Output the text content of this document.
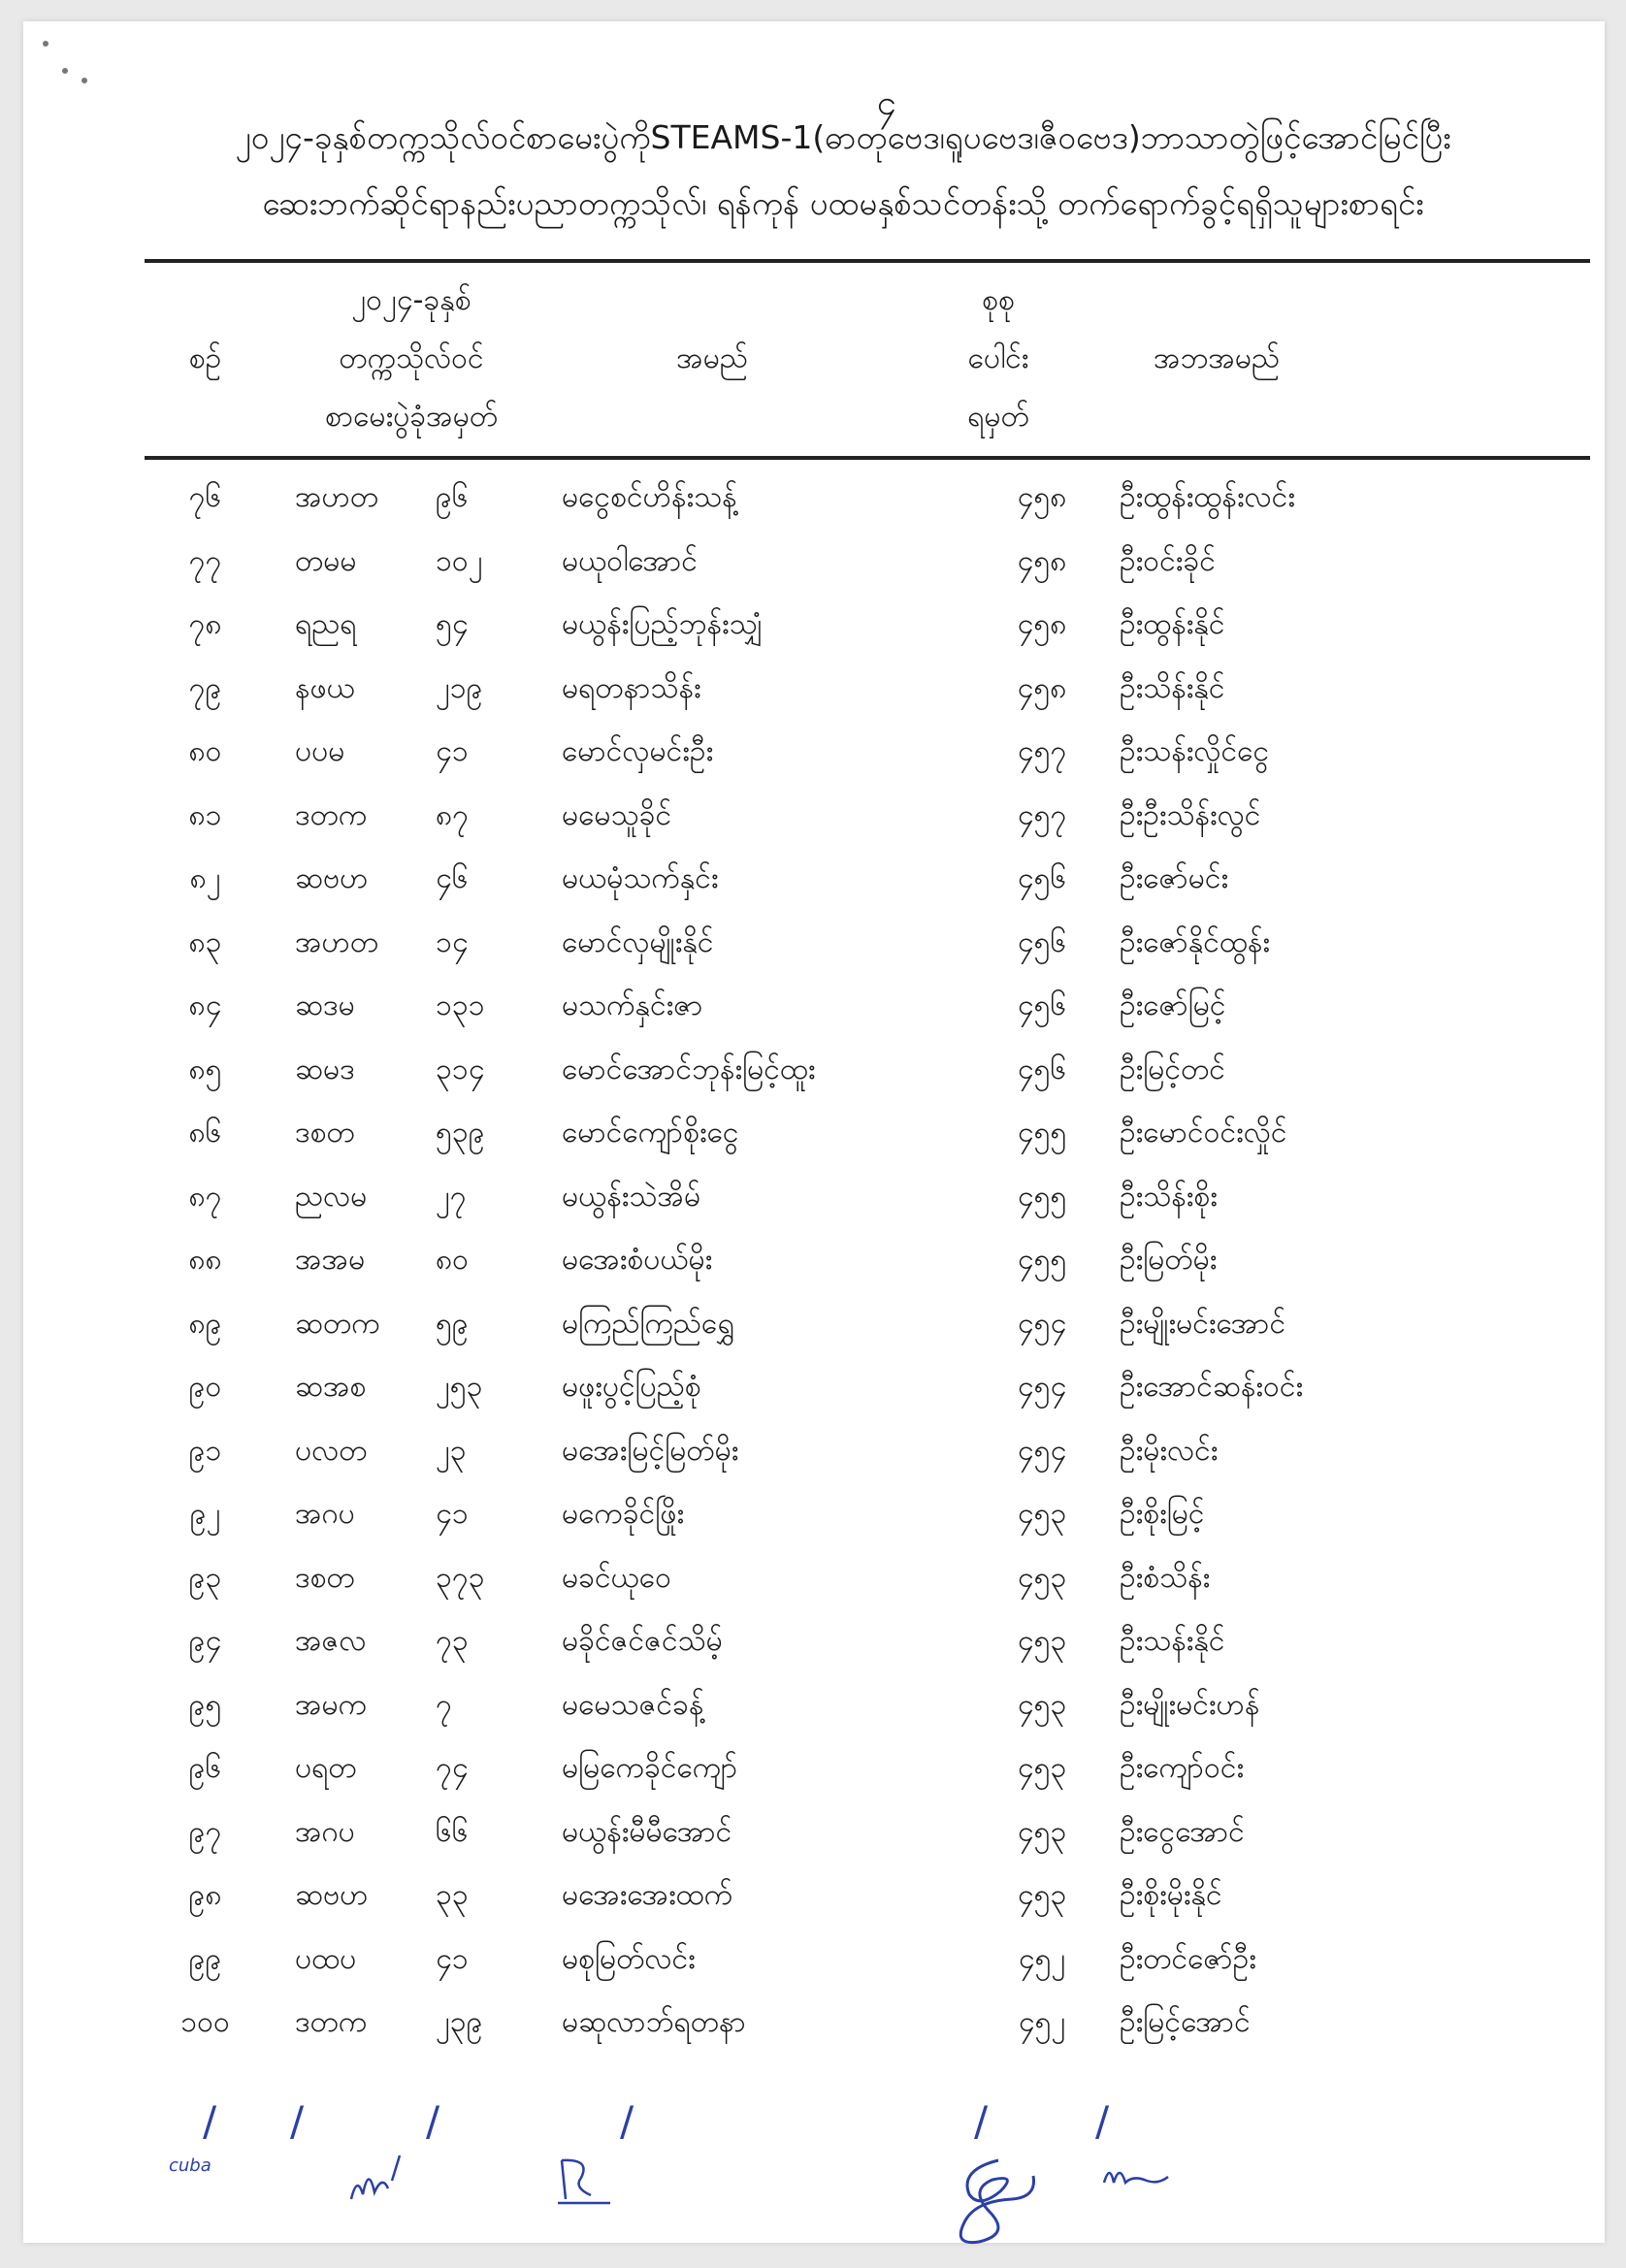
၄
၂၀၂၄-ခုနှစ်တက္ကသိုလ်ဝင်စာမေးပွဲကိုSTEAMS-1(ဓာတုဗေဒ၊ရူပဗေဒ၊ဇီဝဗေဒ)ဘာသာတွဲဖြင့်အောင်မြင်ပြီး
ဆေးဘက်ဆိုင်ရာနည်းပညာတက္ကသိုလ်၊ ရန်ကုန် ပထမနှစ်သင်တန်းသို့ တက်ရောက်ခွင့်ရရှိသူများစာရင်း
စဉ်
၂၀၂၄-ခုနှစ်
တက္ကသိုလ်ဝင်
စာမေးပွဲခုံအမှတ်
အမည်
စုစု
ပေါင်း
ရမှတ်
အဘအမည်
၇၆	အဟတ	၉၆	မငွေစင်ဟိန်းသန့်	၄၅၈	ဦးထွန်းထွန်းလင်း
၇၇	တမမ	၁၀၂	မယုဝါအောင်	၄၅၈	ဦးဝင်းခိုင်
၇၈	ရညရ	၅၄	မယွန်းပြည့်ဘုန်းသျှံ	၄၅၈	ဦးထွန်းနိုင်
၇၉	နဖယ	၂၁၉	မရတနာသိန်း	၄၅၈	ဦးသိန်းနိုင်
၈၀	ပပမ	၄၁	မောင်လှမင်းဦး	၄၅၇	ဦးသန်းလှိုင်ငွေ
၈၁	ဒတက	၈၇	မမေသူခိုင်	၄၅၇	ဦးဦးသိန်းလွင်
၈၂	ဆဗဟ	၄၆	မယမုံသက်နှင်း	၄၅၆	ဦးဇော်မင်း
၈၃	အဟတ	၁၄	မောင်လှမျိုးနိုင်	၄၅၆	ဦးဇော်နိုင်ထွန်း
၈၄	ဆဒမ	၁၃၁	မသက်နှင်းဇာ	၄၅၆	ဦးဇော်မြင့်
၈၅	ဆမဒ	၃၁၄	မောင်အောင်ဘုန်းမြင့်ထူး	၄၅၆	ဦးမြင့်တင်
၈၆	ဒစတ	၅၃၉	မောင်ကျော်စိုးငွေ	၄၅၅	ဦးမောင်ဝင်းလှိုင်
၈၇	ညလမ	၂၇	မယွန်းသဲအိမ်	၄၅၅	ဦးသိန်းစိုး
၈၈	အအမ	၈၀	မအေးစံပယ်မိုး	၄၅၅	ဦးမြတ်မိုး
၈၉	ဆတက	၅၉	မကြည်ကြည်ရွှေ	၄၅၄	ဦးမျိုးမင်းအောင်
၉၀	ဆအစ	၂၅၃	မဖူးပွင့်ပြည့်စုံ	၄၅၄	ဦးအောင်ဆန်းဝင်း
၉၁	ပလတ	၂၃	မအေးမြင့်မြတ်မိုး	၄၅၄	ဦးမိုးလင်း
၉၂	အဂပ	၄၁	မကေခိုင်ဖြိုး	၄၅၃	ဦးစိုးမြင့်
၉၃	ဒစတ	၃၇၃	မခင်ယုဝေ	၄၅၃	ဦးစံသိန်း
၉၄	အဇလ	၇၃	မခိုင်ဇင်ဇင်သိမ့်	၄၅၃	ဦးသန်းနိုင်
၉၅	အမက	၇	မမေသဇင်ခန့်	၄၅၃	ဦးမျိုးမင်းဟန်
၉၆	ပရတ	၇၄	မမြကေခိုင်ကျော်	၄၅၃	ဦးကျော်ဝင်း
၉၇	အဂပ	၆၆	မယွန်းမီမီအောင်	၄၅၃	ဦးငွေအောင်
၉၈	ဆဗဟ	၃၃	မအေးအေးထက်	၄၅၃	ဦးစိုးမိုးနိုင်
၉၉	ပထပ	၄၁	မစုမြတ်လင်း	၄၅၂	ဦးတင်ဇော်ဦး
၁၀၀	ဒတက	၂၃၉	မဆုလာဘ်ရတနာ	၄၅၂	ဦးမြင့်အောင်
/ /	/	/	/	/
cuba
